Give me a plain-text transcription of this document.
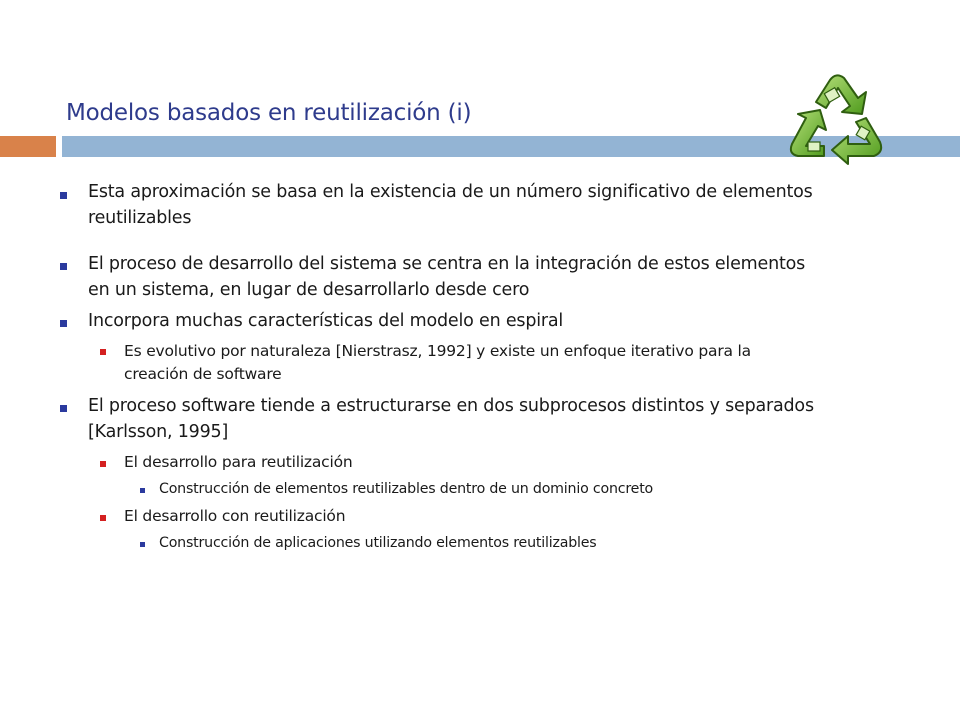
Modelos basados en reutilización (i)
Esta aproximación se basa en la existencia de un número significativo de elementos reutilizables
El proceso de desarrollo del sistema se centra en la integración de estos elementos en un sistema, en lugar de desarrollarlo desde cero
Incorpora muchas características del modelo en espiral
Es evolutivo por naturaleza [Nierstrasz, 1992] y existe un enfoque iterativo para la creación de software
El proceso software tiende a estructurarse en dos subprocesos distintos y separados [Karlsson, 1995]
El desarrollo para reutilización
Construcción de elementos reutilizables dentro de un dominio concreto
El desarrollo con reutilización
Construcción de aplicaciones utilizando elementos reutilizables
